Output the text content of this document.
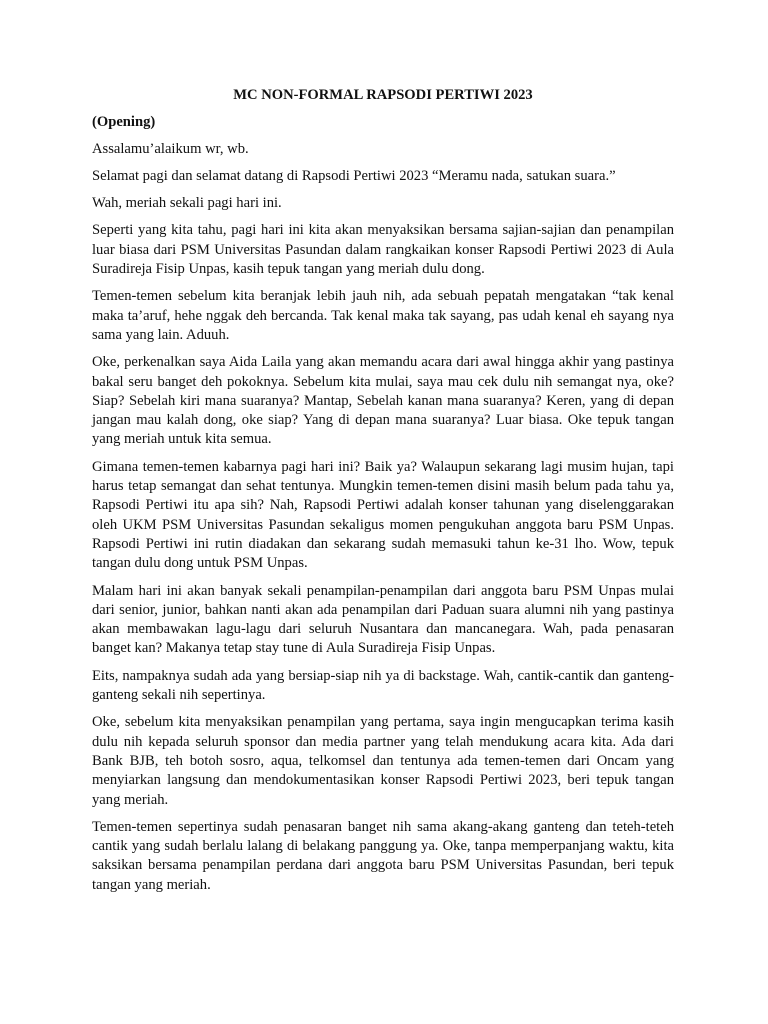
MC NON-FORMAL RAPSODI PERTIWI 2023
(Opening)
Assalamu’alaikum wr, wb.
Selamat pagi dan selamat datang di Rapsodi Pertiwi 2023 “Meramu nada, satukan suara.”
Wah, meriah sekali pagi hari ini.
Seperti yang kita tahu, pagi hari ini kita akan menyaksikan bersama sajian-sajian dan penampilan luar biasa dari PSM Universitas Pasundan dalam rangkaikan konser Rapsodi Pertiwi 2023 di Aula Suradireja Fisip Unpas, kasih tepuk tangan yang meriah dulu dong.
Temen-temen sebelum kita beranjak lebih jauh nih, ada sebuah pepatah mengatakan “tak kenal maka ta’aruf, hehe nggak deh bercanda. Tak kenal maka tak sayang, pas udah kenal eh sayang nya sama yang lain. Aduuh.
Oke, perkenalkan saya Aida Laila yang akan memandu acara dari awal hingga akhir yang pastinya bakal seru banget deh pokoknya. Sebelum kita mulai, saya mau cek dulu nih semangat nya, oke? Siap? Sebelah kiri mana suaranya? Mantap, Sebelah kanan mana suaranya? Keren, yang di depan jangan mau kalah dong, oke siap? Yang di depan mana suaranya? Luar biasa. Oke tepuk tangan yang meriah untuk kita semua.
Gimana temen-temen kabarnya pagi hari ini? Baik ya? Walaupun sekarang lagi musim hujan, tapi harus tetap semangat dan sehat tentunya. Mungkin temen-temen disini masih belum pada tahu ya, Rapsodi Pertiwi itu apa sih? Nah, Rapsodi Pertiwi adalah konser tahunan yang diselenggarakan oleh UKM PSM Universitas Pasundan sekaligus momen pengukuhan anggota baru PSM Unpas. Rapsodi Pertiwi ini rutin diadakan dan sekarang sudah memasuki tahun ke-31 lho. Wow, tepuk tangan dulu dong untuk PSM Unpas.
Malam hari ini akan banyak sekali penampilan-penampilan dari anggota baru PSM Unpas mulai dari senior, junior, bahkan nanti akan ada penampilan dari Paduan suara alumni nih yang pastinya akan membawakan lagu-lagu dari seluruh Nusantara dan mancanegara. Wah, pada penasaran banget kan? Makanya tetap stay tune di Aula Suradireja Fisip Unpas.
Eits, nampaknya sudah ada yang bersiap-siap nih ya di backstage. Wah, cantik-cantik dan ganteng-ganteng sekali nih sepertinya.
Oke, sebelum kita menyaksikan penampilan yang pertama, saya ingin mengucapkan terima kasih dulu nih kepada seluruh sponsor dan media partner yang telah mendukung acara kita. Ada dari Bank BJB, teh botoh sosro, aqua, telkomsel dan tentunya ada temen-temen dari Oncam yang menyiarkan langsung dan mendokumentasikan konser Rapsodi Pertiwi 2023, beri tepuk tangan yang meriah.
Temen-temen sepertinya sudah penasaran banget nih sama akang-akang ganteng dan teteh-teteh cantik yang sudah berlalu lalang di belakang panggung ya. Oke, tanpa memperpanjang waktu, kita saksikan bersama penampilan perdana dari anggota baru PSM Universitas Pasundan, beri tepuk tangan yang meriah.
